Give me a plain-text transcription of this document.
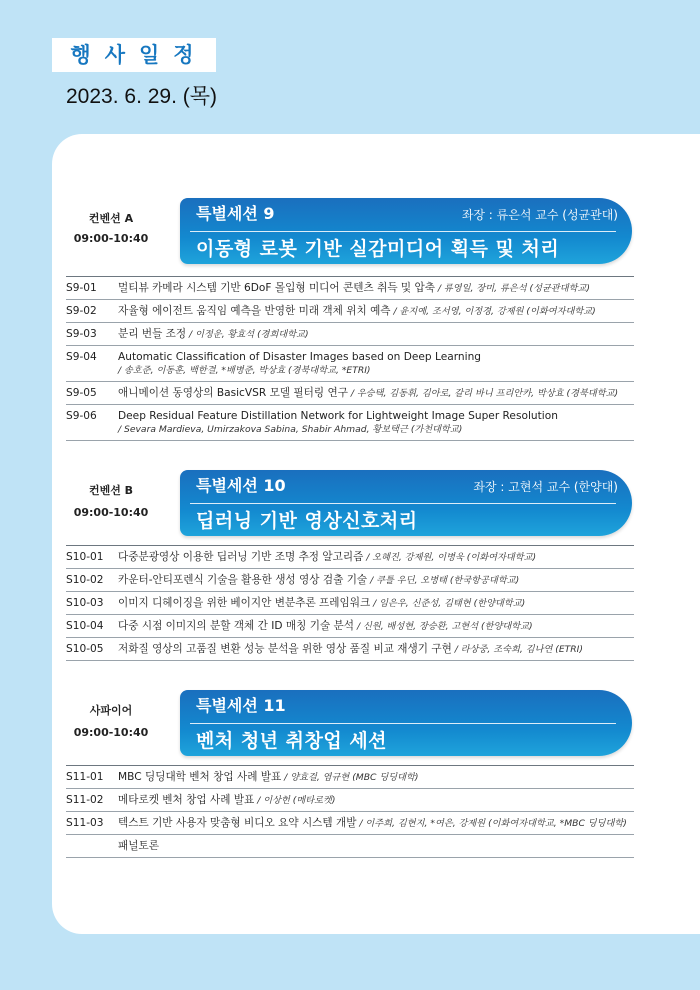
행사일정
2023. 6. 29. (목)
컨벤션 A
09:00-10:40
특별세션 9	좌장 : 류은석 교수 (성균관대)
이동형 로봇 기반 실감미디어 획득 및 처리
S9-01	멀티뷰 카메라 시스템 기반 6DoF 몰입형 미디어 콘텐츠 취득 및 압축 / 류영일, 장미, 류은석 (성균관대학교)
S9-02	자율형 에이전트 움직임 예측을 반영한 미래 객체 위치 예측 / 윤지예, 조서영, 이정경, 강제원 (이화여자대학교)
S9-03	분리 번들 조정 / 이정운, 황효석 (경희대학교)
S9-04	Automatic Classification of Disaster Images based on Deep Learning
/ 송호준, 이동훈, 백한결, *배병준, 박상효 (경북대학교, *ETRI)
S9-05	애니메이션 동영상의 BasicVSR 모델 필터링 연구 / 우승택, 김동휘, 김아로, 갈리 바니 프리안카, 박상효 (경북대학교)
S9-06	Deep Residual Feature Distillation Network for Lightweight Image Super Resolution
/ Sevara Mardieva, Umirzakova Sabina, Shabir Ahmad, 황보택근 (가천대학교)
컨벤션 B
09:00-10:40
특별세션 10	좌장 : 고현석 교수 (한양대)
딥러닝 기반 영상신호처리
S10-01	다중분광영상 이용한 딥러닝 기반 조명 추정 알고리즘 / 오혜진, 강제원, 이병욱 (이화여자대학교)
S10-02	카운터-안티포렌식 기술을 활용한 생성 영상 검출 기술 / 쿠틀 우딘, 오병태 (한국항공대학교)
S10-03	이미지 디헤이징을 위한 베이지안 변분추론 프레임워크 / 임은우, 신준성, 김태현 (한양대학교)
S10-04	다중 시점 이미지의 분할 객체 간 ID 매칭 기술 분석 / 신원, 배성현, 장승환, 고현석 (한양대학교)
S10-05	저화질 영상의 고품질 변환 성능 분석을 위한 영상 품질 비교 재생기 구현 / 라상중, 조숙희, 김나연 (ETRI)
사파이어
09:00-10:40
특별세션 11
벤처 청년 취창업 세션
S11-01	MBC 딩딩대학 벤처 창업 사례 발표 / 양효걸, 염규현 (MBC 딩딩대학)
S11-02	메타로켓 벤처 창업 사례 발표 / 이상헌 (메타로켓)
S11-03	텍스트 기반 사용자 맞춤형 비디오 요약 시스템 개발 / 이주희, 김현지, *여은, 강제원 (이화여자대학교, *MBC 딩딩대학)
패널토론
